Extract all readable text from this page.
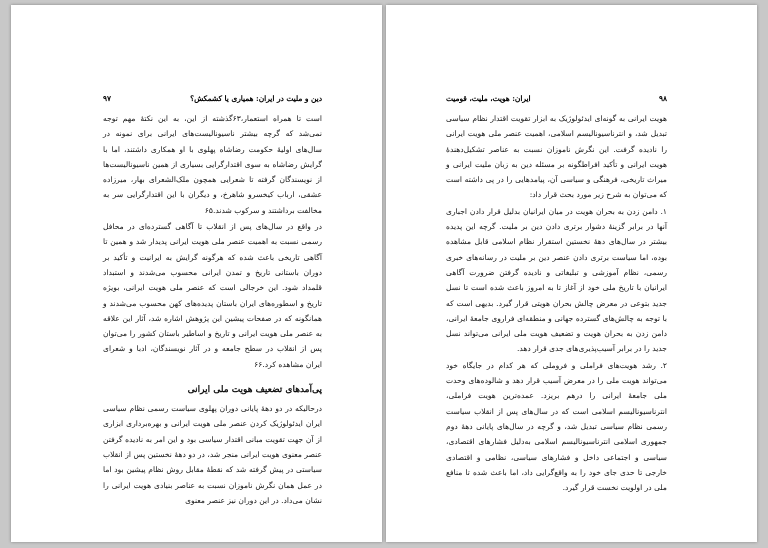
دین و ملیت در ایران: همیاری یا کشمکش؟
۹۷

است تا همراه استعمار،۶۳گذشته از این، به این نکتهٔ مهم توجه نمی‌شد که گرچه بیشتر ناسیونالیست‌های ایرانی برای نمونه در سال‌های اولیهٔ حکومت رضاشاه پهلوی با او همکاری داشتند، اما با گرایش رضاشاه به سوی اقتدارگرایی بسیاری از همین ناسیونالیست‌ها از نویسندگان گرفته تا شعرایی همچون ملک‌الشعرای بهار، میرزاده عشقی، ارباب کیخسرو شاهرخ، و دیگران با این اقتدارگرایی سر به مخالفت برداشتند و سرکوب شدند.۶۵

در واقع در سال‌های پس از انقلاب تا آگاهی گسترده‌ای در محافل رسمی نسبت به اهمیت عنصر ملی هویت ایرانی پدیدار شد و همین تا آگاهی تاریخی باعث شده که هرگونه گرایش به ایرانیت و تأکید بر دوران باستانی تاریخ و تمدن ایرانی محسوب می‌شدند و استبداد قلمداد شود. این خرجالی است که عنصر ملی هویت ایرانی، بویژه تاریخ و اسطوره‌های ایران باستان پدیده‌های کهن محسوب می‌شدند و همانگونه که در صفحات پیشین این پژوهش اشاره شد، آثار این علاقه به عنصر ملی هویت ایرانی و تاریخ و اساطیر باستان کشور را می‌توان پس از انقلاب در سطح جامعه و در آثار نویسندگان، ادبا و شعرای ایران مشاهده کرد.۶۶

پی‌آمدهای تضعیف هویت ملی ایرانی

درحالیکه در دو دههٔ پایانی دوران پهلوی سیاست رسمی نظام سیاسی ایران ایدئولوژیک کردن عنصر ملی هویت ایرانی و بهره‌برداری ابزاری از آن جهت تقویت مبانی اقتدار سیاسی بود و این امر به نادیده گرفتن عنصر معنوی هویت ایرانی منجر شد، در دو دههٔ نخستین پس از انقلاب سیاستی در پیش گرفته شد که نقطهٔ مقابل روش نظام پیشین بود اما در عمل همان نگرش ناموزان نسبت به عناصر بنیادی هویت ایرانی را نشان می‌داد. در این دوران نیز عنصر معنوی

۹۸
ایران: هویت، ملیت، قومیت

هویت ایرانی به گونه‌ای ایدئولوژیک به ابزار تقویت اقتدار نظام سیاسی تبدیل شد، و انترناسیونالیسم اسلامی، اهمیت عنصر ملی هویت ایرانی را نادیده گرفت. این نگرش ناموزان نسبت به عناصر تشکیل‌دهندهٔ هویت ایرانی و تأکید افراطگونه بر مسئله دین به زبان ملیت ایرانی و میراث تاریخی، فرهنگی و سیاسی آن، پیامدهایی را در پی داشته است که می‌توان به شرح زیر مورد بحث قرار داد:

۱. دامن زدن به بحران هویت در میان ایرانیان بدلیل قرار دادن اجباری آنها در برابر گزینهٔ دشوار برتری دادن دین بر ملیت. گرچه این پدیده بیشتر در سال‌های دههٔ نخستین استقرار نظام اسلامی قابل مشاهده بوده، اما سیاست برتری دادن عنصر دین بر ملیت در رسانه‌های خبری رسمی، نظام آموزشی و تبلیغاتی و نادیده گرفتن ضرورت آگاهی ایرانیان با تاریخ ملی خود از آغاز تا به امروز باعث شده است تا نسل جدید بتوعی در معرض چالش بحران هویتی قرار گیرد. بدیهی است که با توجه به چالش‌های گسترده جهانی و منطقه‌ای فراروی جامعهٔ ایرانی، دامن زدن به بحران هویت و تضعیف هویت ملی ایرانی می‌تواند نسل جدید را در برابر آسیب‌پذیری‌های جدی قرار دهد.

۲. رشد هویت‌های فراملی و فروملی که هر کدام در جایگاه خود می‌تواند هویت ملی را در معرض آسیب قرار دهد و شالوده‌های وحدت ملی جامعهٔ ایرانی را درهم بریزد. عمده‌ترین هویت فراملی، انترناسیونالیسم اسلامی است که در سال‌های پس از انقلاب سیاست رسمی نظام سیاسی تبدیل شد، و گرچه در سال‌های پایانی دههٔ دوم جمهوری اسلامی انترناسیونالیسم اسلامی به‌دلیل فشارهای اقتصادی، سیاسی و اجتماعی داخل و فشارهای سیاسی، نظامی و اقتصادی خارجی تا حدی جای خود را به واقع‌گرایی داد، اما باعث شده تا منافع ملی در اولویت نخست قرار گیرد.
